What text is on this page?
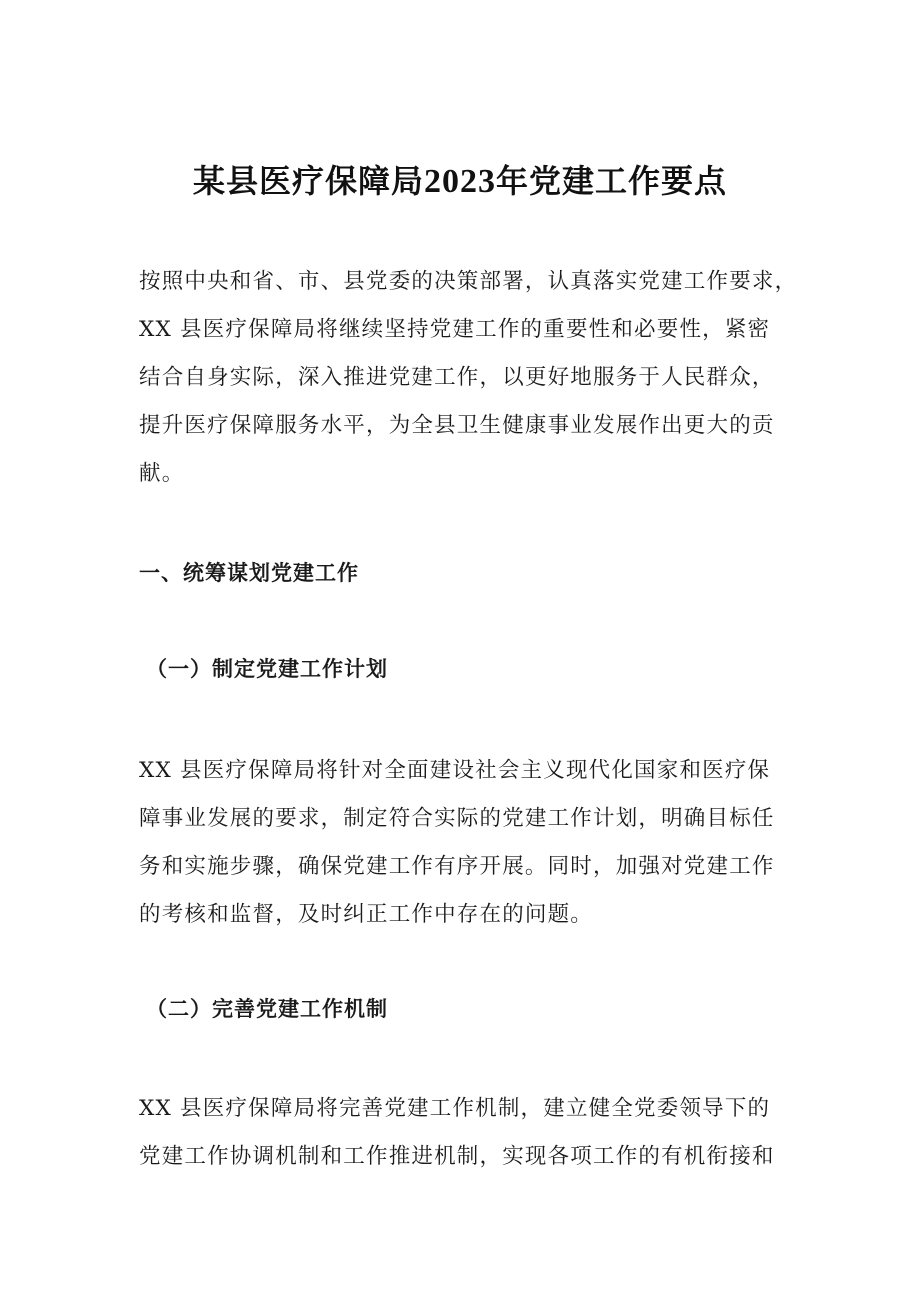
某县医疗保障局2023年党建工作要点

按照中央和省、市、县党委的决策部署，认真落实党建工作要求，
XX 县医疗保障局将继续坚持党建工作的重要性和必要性，紧密
结合自身实际，深入推进党建工作，以更好地服务于人民群众，
提升医疗保障服务水平，为全县卫生健康事业发展作出更大的贡
献。

一、统筹谋划党建工作
（一）制定党建工作计划

XX 县医疗保障局将针对全面建设社会主义现代化国家和医疗保
障事业发展的要求，制定符合实际的党建工作计划，明确目标任
务和实施步骤，确保党建工作有序开展。同时，加强对党建工作
的考核和监督，及时纠正工作中存在的问题。

（二）完善党建工作机制

XX 县医疗保障局将完善党建工作机制，建立健全党委领导下的
党建工作协调机制和工作推进机制，实现各项工作的有机衔接和
